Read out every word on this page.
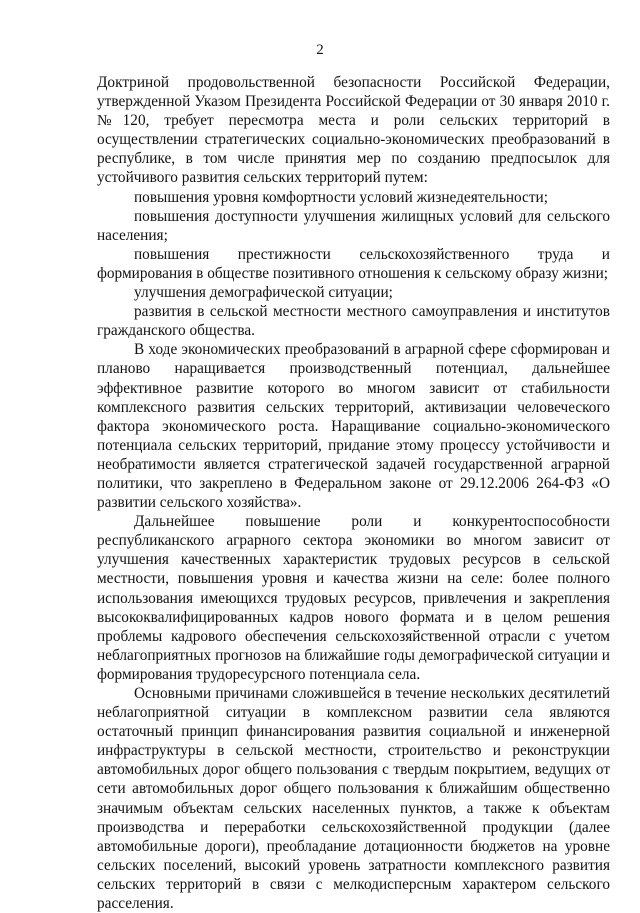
2

Доктриной продовольственной безопасности Российской Федерации, утвержденной Указом Президента Российской Федерации от 30 января 2010 г. №120, требует пересмотра места и роли сельских территорий в осуществлении стратегических социально-экономических преобразований в республике, в том числе принятия мер по созданию предпосылок для устойчивого развития сельских территорий путем:

повышения уровня комфортности условий жизнедеятельности;

повышения доступности улучшения жилищных условий для сельского населения;

повышения престижности сельскохозяйственного труда и формирования в обществе позитивного отношения к сельскому образу жизни;

улучшения демографической ситуации;

развития в сельской местности местного самоуправления и институтов гражданского общества.

В ходе экономических преобразований в аграрной сфере сформирован и планово наращивается производственный потенциал, дальнейшее эффективное развитие которого во многом зависит от стабильности комплексного развития сельских территорий, активизации человеческого фактора экономического роста. Наращивание социально-экономического потенциала сельских территорий, придание этому процессу устойчивости и необратимости является стратегической задачей государственной аграрной политики, что закреплено в Федеральном законе от 29.12.2006 264-ФЗ «О развитии сельского хозяйства».

Дальнейшее повышение роли и конкурентоспособности республиканского аграрного сектора экономики во многом зависит от улучшения качественных характеристик трудовых ресурсов в сельской местности, повышения уровня и качества жизни на селе: более полного использования имеющихся трудовых ресурсов, привлечения и закрепления высококвалифицированных кадров нового формата и в целом решения проблемы кадрового обеспечения сельскохозяйственной отрасли с учетом неблагоприятных прогнозов на ближайшие годы демографической ситуации и формирования трудоресурсного потенциала села.

Основными причинами сложившейся в течение нескольких десятилетий неблагоприятной ситуации в комплексном развитии села являются остаточный принцип финансирования развития социальной и инженерной инфраструктуры в сельской местности, строительство и реконструкции автомобильных дорог общего пользования с твердым покрытием, ведущих от сети автомобильных дорог общего пользования к ближайшим общественно значимым объектам сельских населенных пунктов, а также к объектам производства и переработки сельскохозяйственной продукции (далее автомобильные дороги), преобладание дотационности бюджетов на уровне сельских поселений, высокий уровень затратности комплексного развития сельских территорий в связи с мелкодисперсным характером сельского расселения.
